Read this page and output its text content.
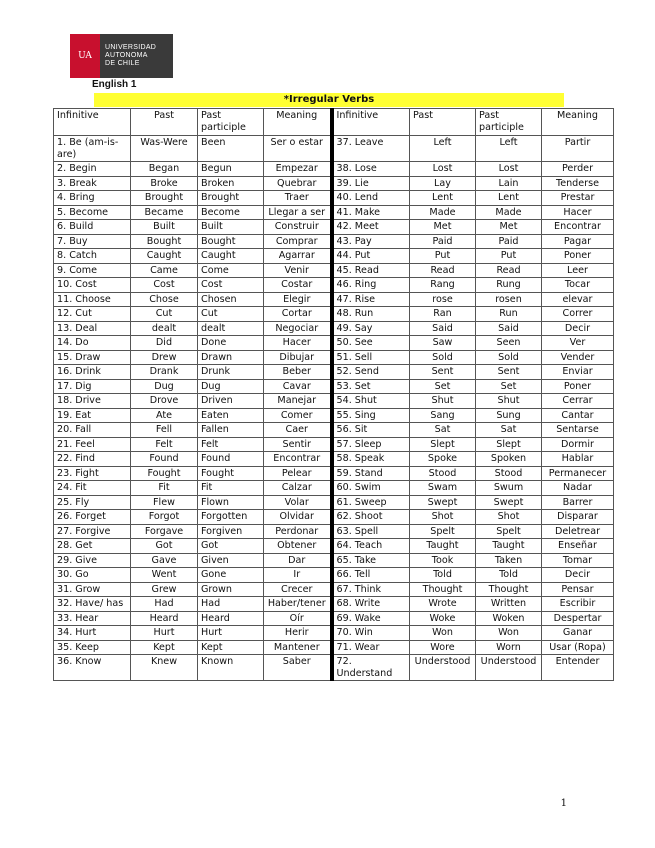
UA
UNIVERSIDAD
AUTONOMA
DE CHILE
English 1
*Irregular Verbs
Infinitive	Past	Past participle	Meaning	Infinitive	Past	Past participle	Meaning
1. Be (am-is- are)	Was-Were	Been	Ser o estar	37. Leave	Left	Left	Partir
2. Begin	Began	Begun	Empezar	38. Lose	Lost	Lost	Perder
3. Break	Broke	Broken	Quebrar	39. Lie	Lay	Lain	Tenderse
4. Bring	Brought	Brought	Traer	40. Lend	Lent	Lent	Prestar
5. Become	Became	Become	Llegar a ser	41. Make	Made	Made	Hacer
6. Build	Built	Built	Construir	42. Meet	Met	Met	Encontrar
7. Buy	Bought	Bought	Comprar	43. Pay	Paid	Paid	Pagar
8. Catch	Caught	Caught	Agarrar	44. Put	Put	Put	Poner
9. Come	Came	Come	Venir	45. Read	Read	Read	Leer
10. Cost	Cost	Cost	Costar	46. Ring	Rang	Rung	Tocar
11. Choose	Chose	Chosen	Elegir	47. Rise	rose	rosen	elevar
12. Cut	Cut	Cut	Cortar	48. Run	Ran	Run	Correr
13. Deal	dealt	dealt	Negociar	49. Say	Said	Said	Decir
14. Do	Did	Done	Hacer	50. See	Saw	Seen	Ver
15. Draw	Drew	Drawn	Dibujar	51. Sell	Sold	Sold	Vender
16. Drink	Drank	Drunk	Beber	52. Send	Sent	Sent	Enviar
17. Dig	Dug	Dug	Cavar	53. Set	Set	Set	Poner
18. Drive	Drove	Driven	Manejar	54. Shut	Shut	Shut	Cerrar
19. Eat	Ate	Eaten	Comer	55. Sing	Sang	Sung	Cantar
20. Fall	Fell	Fallen	Caer	56. Sit	Sat	Sat	Sentarse
21. Feel	Felt	Felt	Sentir	57. Sleep	Slept	Slept	Dormir
22. Find	Found	Found	Encontrar	58. Speak	Spoke	Spoken	Hablar
23. Fight	Fought	Fought	Pelear	59. Stand	Stood	Stood	Permanecer
24. Fit	Fit	Fit	Calzar	60. Swim	Swam	Swum	Nadar
25. Fly	Flew	Flown	Volar	61. Sweep	Swept	Swept	Barrer
26. Forget	Forgot	Forgotten	Olvidar	62. Shoot	Shot	Shot	Disparar
27. Forgive	Forgave	Forgiven	Perdonar	63. Spell	Spelt	Spelt	Deletrear
28. Get	Got	Got	Obtener	64. Teach	Taught	Taught	Enseñar
29. Give	Gave	Given	Dar	65. Take	Took	Taken	Tomar
30. Go	Went	Gone	Ir	66. Tell	Told	Told	Decir
31. Grow	Grew	Grown	Crecer	67. Think	Thought	Thought	Pensar
32. Have/ has	Had	Had	Haber/tener	68. Write	Wrote	Written	Escribir
33. Hear	Heard	Heard	Oír	69. Wake	Woke	Woken	Despertar
34. Hurt	Hurt	Hurt	Herir	70. Win	Won	Won	Ganar
35. Keep	Kept	Kept	Mantener	71. Wear	Wore	Worn	Usar (Ropa)
36. Know	Knew	Known	Saber	72. Understand	Understood	Understood	Entender
1
